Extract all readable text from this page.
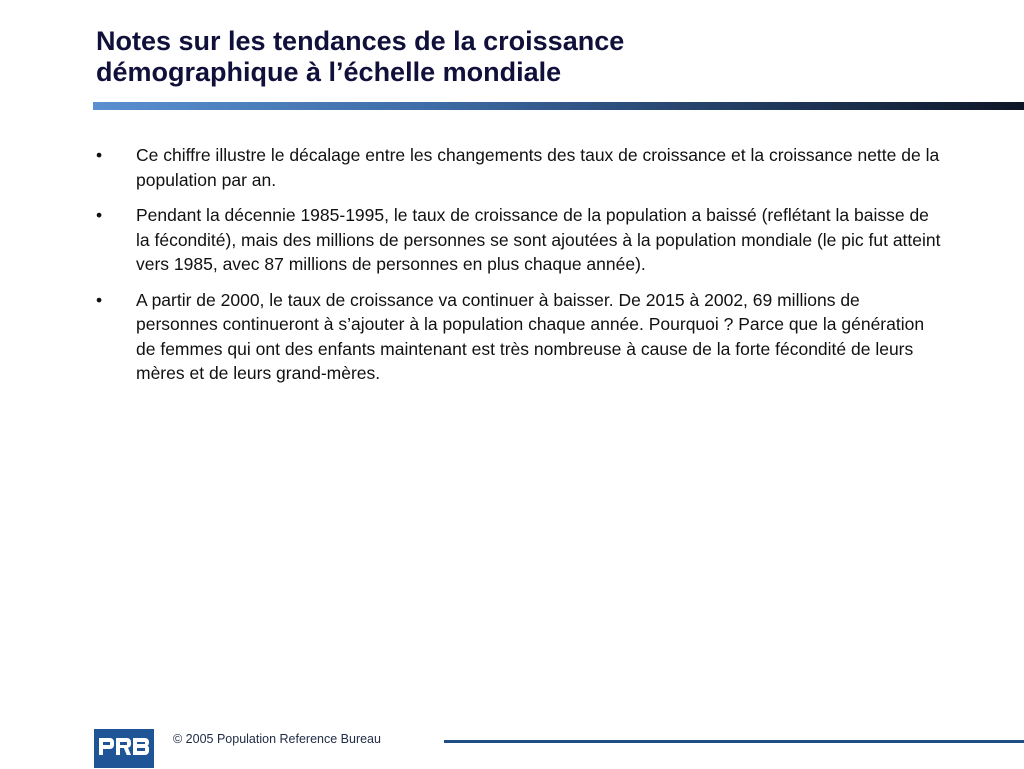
Notes sur les tendances de la croissance
démographique à l’échelle mondiale
•	Ce chiffre illustre le décalage entre les changements des taux de croissance et la croissance nette de la population par an.
•	Pendant la décennie 1985-1995, le taux de croissance de la population a baissé (reflétant la baisse de la fécondité), mais des millions de personnes se sont ajoutées à la population mondiale (le pic fut atteint vers 1985, avec 87 millions de personnes en plus chaque année).
•	A partir de 2000, le taux de croissance va continuer à baisser. De 2015 à 2002, 69 millions de personnes continueront à s’ajouter à la population chaque année. Pourquoi ? Parce que la génération de femmes qui ont des enfants maintenant est très nombreuse à cause de la forte fécondité de leurs mères et de leurs grand-mères.
© 2005 Population Reference Bureau
